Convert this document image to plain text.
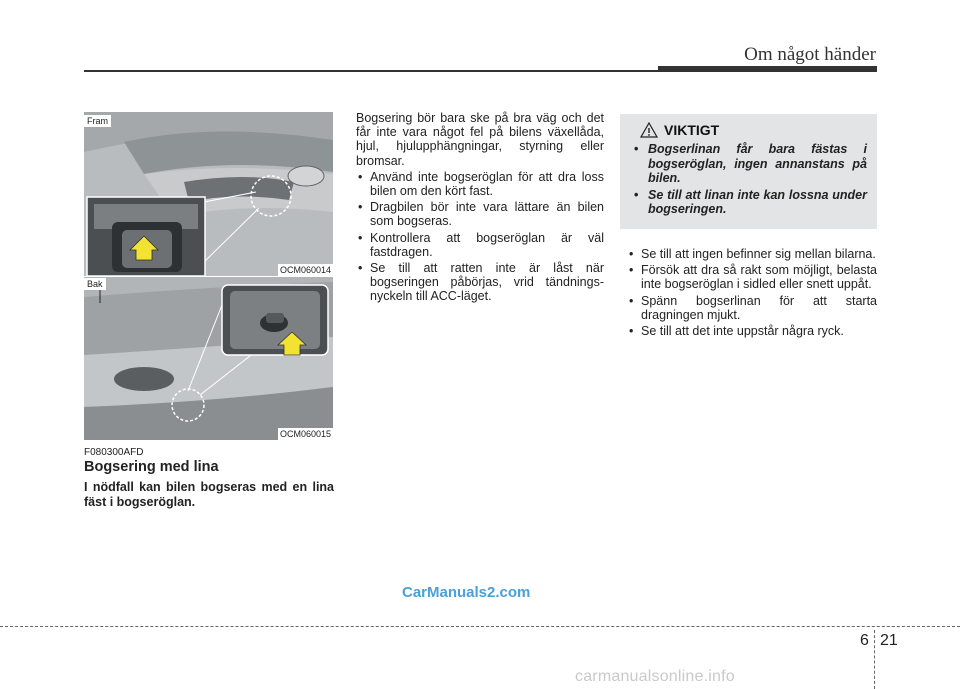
Om något händer
Fram
OCM060014
Bak
OCM060015
F080300AFD
Bogsering med lina
I nödfall kan bilen bogseras med en lina fäst i bogseröglan.

Bogsering bör bara ske på bra väg och det får inte vara något fel på bilens växellåda, hjul, hjulupphängningar, styrning eller bromsar.

• Använd inte bogseröglan för att dra loss bilen om den kört fast.
• Dragbilen bör inte vara lättare än bilen som bogseras.
• Kontrollera att bogseröglan är väl fastdragen.
• Se till att ratten inte är låst när bogseringen påbörjas, vrid tändnings-nyckeln till ACC-läget.
VIKTIGT
• Bogserlinan får bara fästas i bogseröglan, ingen annanstans på bilen.
• Se till att linan inte kan lossna under bogseringen.
• Se till att ingen befinner sig mellan bilarna.
• Försök att dra så rakt som möjligt, belasta inte bogseröglan i sidled eller snett uppåt.
• Spänn bogserlinan för att starta dragningen mjukt.
• Se till att det inte uppstår några ryck.
CarManuals2.com
6 21
carmanualsonline.info
